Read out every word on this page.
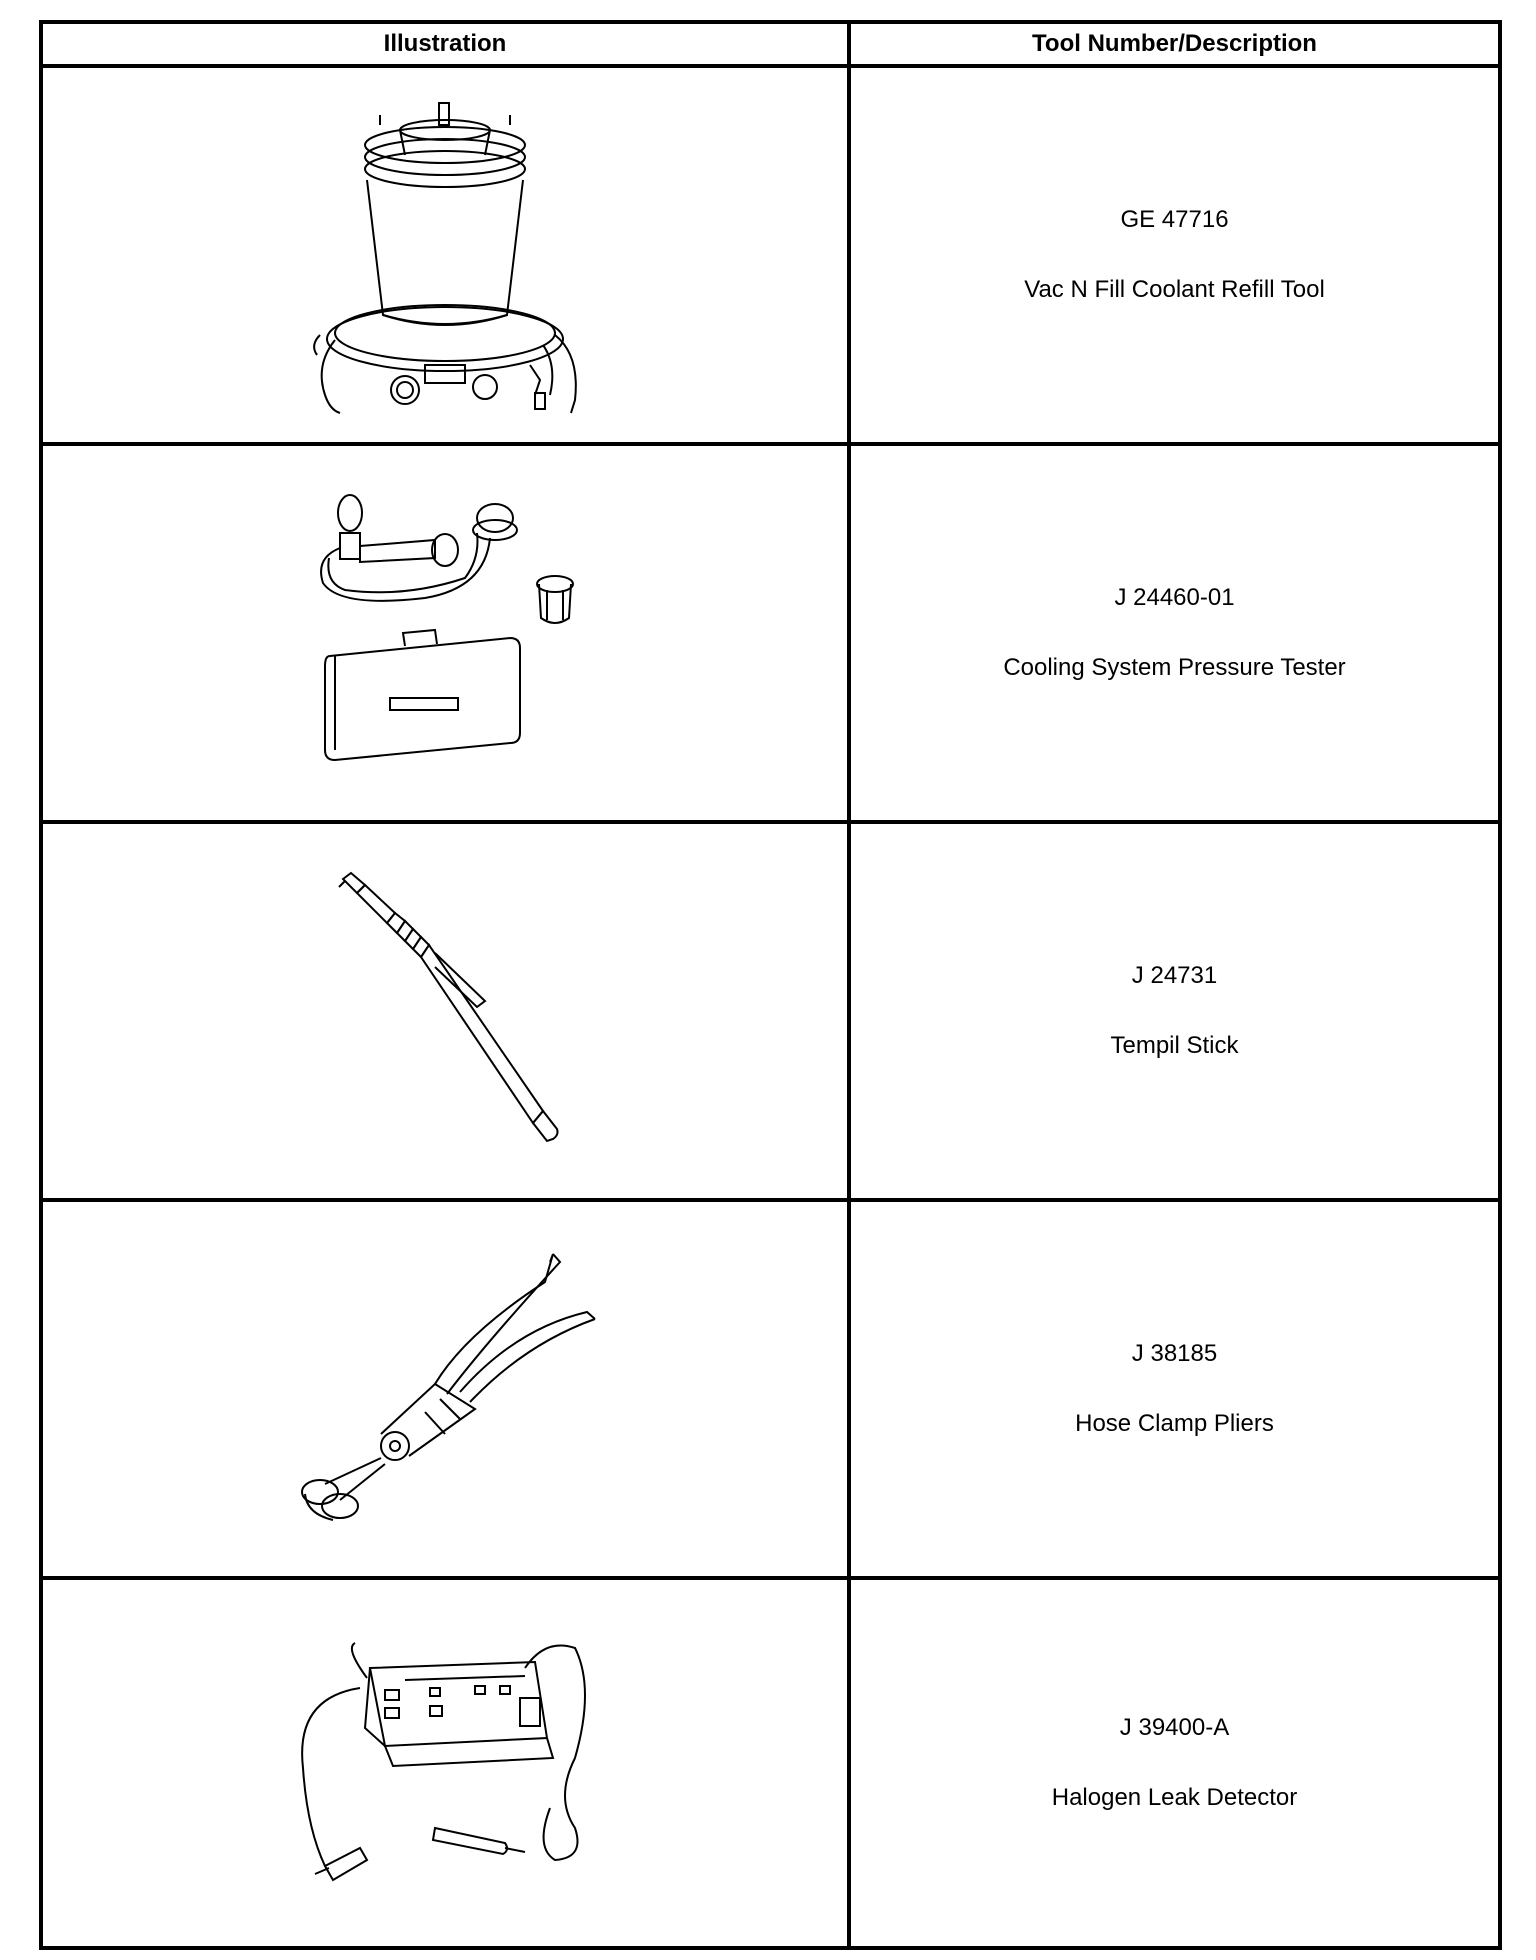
Illustration	Tool Number/Description
GE 47716
Vac N Fill Coolant Refill Tool
J 24460-01
Cooling System Pressure Tester
J 24731
Tempil Stick
J 38185
Hose Clamp Pliers
J 39400-A
Halogen Leak Detector
